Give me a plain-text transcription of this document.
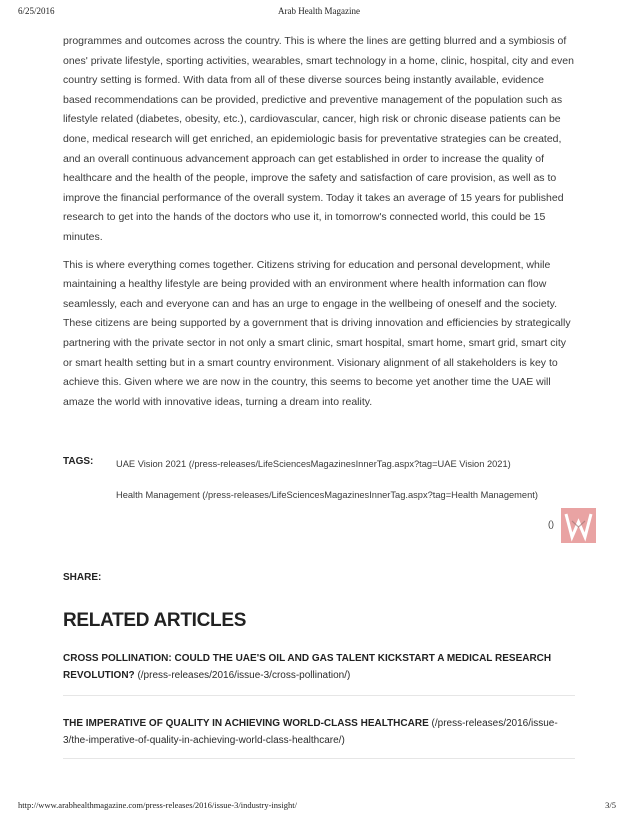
6/25/2016	Arab Health Magazine

programmes and outcomes across the country. This is where the lines are getting blurred and a symbiosis of ones' private lifestyle, sporting activities, wearables, smart technology in a home, clinic, hospital, city and even country setting is formed. With data from all of these diverse sources being instantly available, evidence based recommendations can be provided, predictive and preventive management of the population such as lifestyle related (diabetes, obesity, etc.), cardiovascular, cancer, high risk or chronic disease patients can be done, medical research will get enriched, an epidemiologic basis for preventative strategies can be created, and an overall continuous advancement approach can get established in order to increase the quality of healthcare and the health of the people, improve the safety and satisfaction of care provision, as well as to improve the financial performance of the overall system. Today it takes an average of 15 years for published research to get into the hands of the doctors who use it, in tomorrow's connected world, this could be 15 minutes.

This is where everything comes together. Citizens striving for education and personal development, while maintaining a healthy lifestyle are being provided with an environment where health information can flow seamlessly, each and everyone can and has an urge to engage in the wellbeing of oneself and the society. These citizens are being supported by a government that is driving innovation and efficiencies by strategically partnering with the private sector in not only a smart clinic, smart hospital, smart home, smart grid, smart city or smart health setting but in a smart country environment. Visionary alignment of all stakeholders is key to achieve this. Given where we are now in the country, this seems to become yet another time the UAE will amaze the world with innovative ideas, turning a dream into reality.

TAGS: UAE Vision 2021 (/press-releases/LifeSciencesMagazinesInnerTag.aspx?tag=UAE Vision 2021)
Health Management (/press-releases/LifeSciencesMagazinesInnerTag.aspx?tag=Health Management)
()
SHARE:
RELATED ARTICLES
CROSS POLLINATION: COULD THE UAE'S OIL AND GAS TALENT KICKSTART A MEDICAL RESEARCH REVOLUTION? (/press-releases/2016/issue-3/cross-pollination/)
THE IMPERATIVE OF QUALITY IN ACHIEVING WORLD-CLASS HEALTHCARE (/press-releases/2016/issue-3/the-imperative-of-quality-in-achieving-world-class-healthcare/)
http://www.arabhealthmagazine.com/press-releases/2016/issue-3/industry-insight/	3/5
